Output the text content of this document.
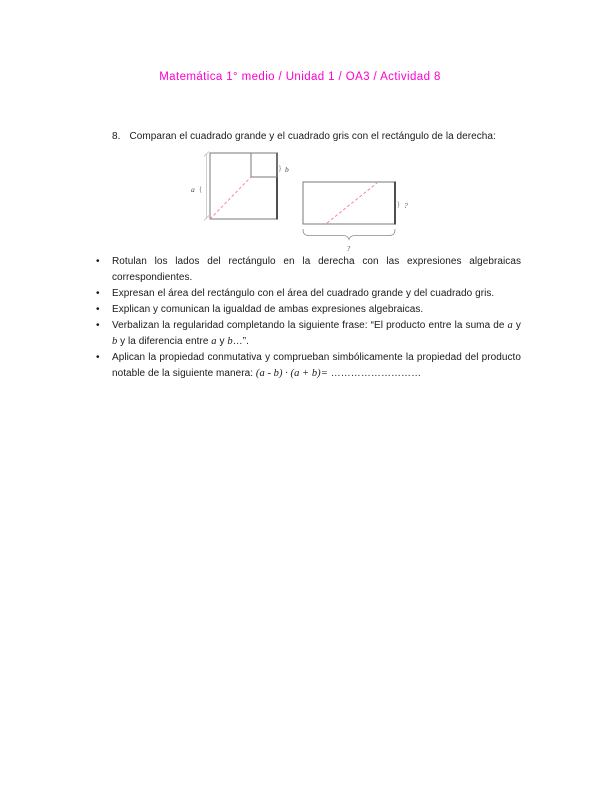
Matemática 1° medio / Unidad 1 / OA3 / Actividad 8
8. Comparan el cuadrado grande y el cuadrado gris con el rectángulo de la derecha:
a {
} b
} ?
?
• Rotulan los lados del rectángulo en la derecha con las expresiones algebraicas correspondientes.
• Expresan el área del rectángulo con el área del cuadrado grande y del cuadrado gris.
• Explican y comunican la igualdad de ambas expresiones algebraicas.
• Verbalizan la regularidad completando la siguiente frase: “El producto entre la suma de a y b y la diferencia entre a y b…”.
• Aplican la propiedad conmutativa y comprueban simbólicamente la propiedad del producto notable de la siguiente manera: (a - b) · (a + b)= ………………………
